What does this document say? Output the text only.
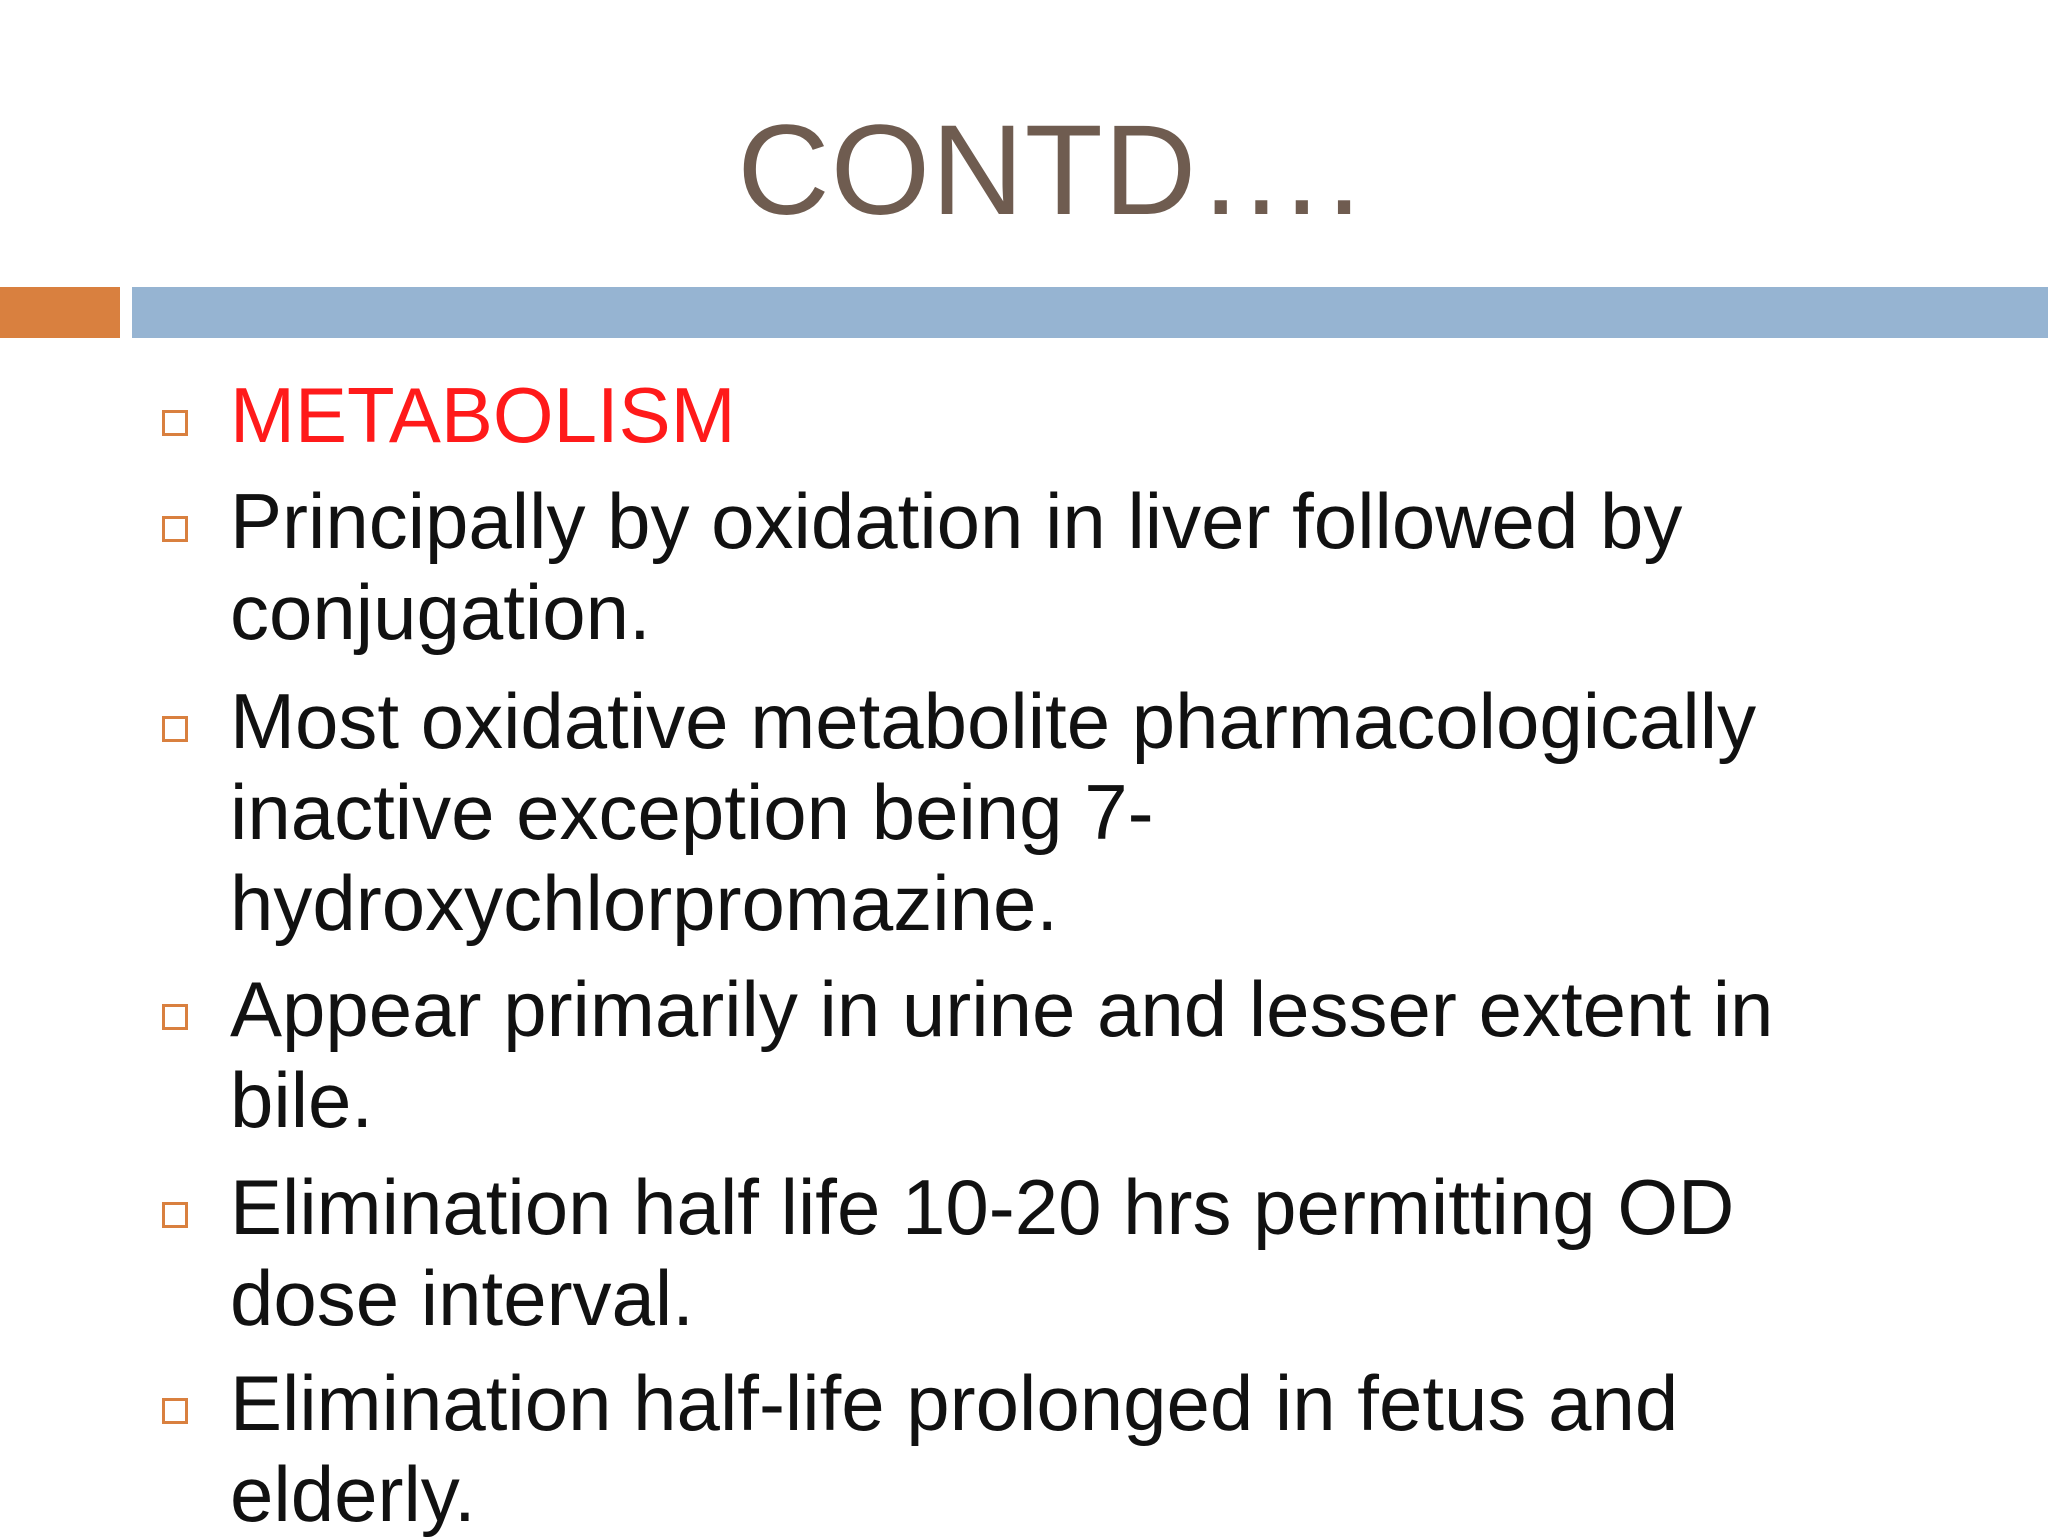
CONTD….
METABOLISM
Principally by oxidation in liver followed by
conjugation.
Most oxidative metabolite pharmacologically
inactive exception being 7-
hydroxychlorpromazine.
Appear primarily in urine and lesser extent in
bile.
Elimination half life 10-20 hrs permitting OD
dose interval.
Elimination half-life prolonged in fetus and
elderly.
